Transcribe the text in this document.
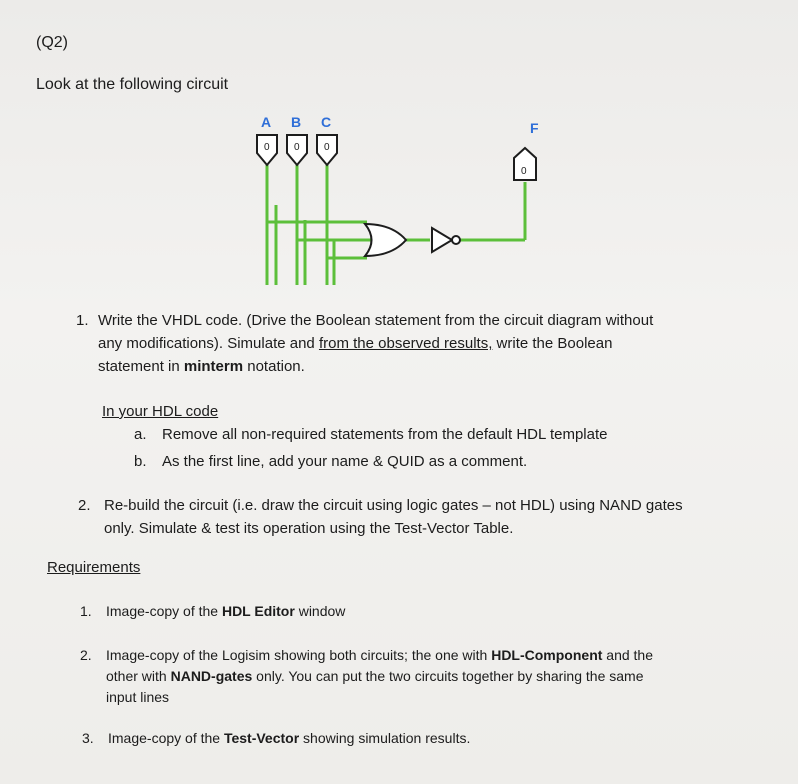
(Q2)
Look at the following circuit
0 0 0
0
A B C	F
1. Write the VHDL code. (Drive the Boolean statement from the circuit diagram without
any modifications). Simulate and from the observed results, write the Boolean
statement in minterm notation.
In your HDL code
a. Remove all non-required statements from the default HDL template
b. As the first line, add your name & QUID as a comment.
2. Re-build the circuit (i.e. draw the circuit using logic gates – not HDL) using NAND gates
only. Simulate & test its operation using the Test-Vector Table.
Requirements
1. Image-copy of the HDL Editor window
2. Image-copy of the Logisim showing both circuits; the one with HDL-Component and the
other with NAND-gates only. You can put the two circuits together by sharing the same
input lines
3. Image-copy of the Test-Vector showing simulation results.
